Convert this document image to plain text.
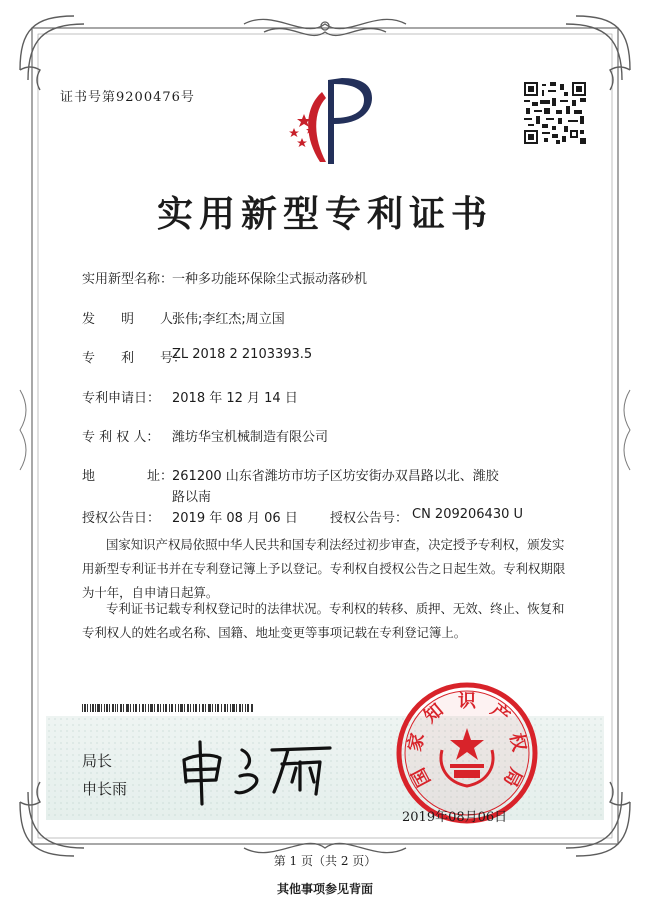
证书号第9200476号
实用新型专利证书
实用新型名称：
一种多功能环保除尘式振动落砂机
发　　明　　人：
张伟;李红杰;周立国
专　　利　　号：
ZL 2018 2 2103393.5
专利申请日： 2018 年 12 月 14 日
专 利 权 人： 潍坊华宝机械制造有限公司
地　　　　址：
261200 山东省潍坊市坊子区坊安街办双昌路以北、潍胶
路以南
授权公告日： 2019 年 08 月 06 日 授权公告号： CN 209206430 U
国家知识产权局依照中华人民共和国专利法经过初步审查，决定授予专利权，颁发实用新型专利证书并在专利登记簿上予以登记。专利权自授权公告之日起生效。专利权期限为十年，自申请日起算。
专利证书记载专利权登记时的法律状况。专利权的转移、质押、无效、终止、恢复和专利权人的姓名或名称、国籍、地址变更等事项记载在专利登记簿上。
局长
申长雨	国
家
知 识 产
权
局
2019年08月06日
第 1 页（共 2 页）
其他事项参见背面
